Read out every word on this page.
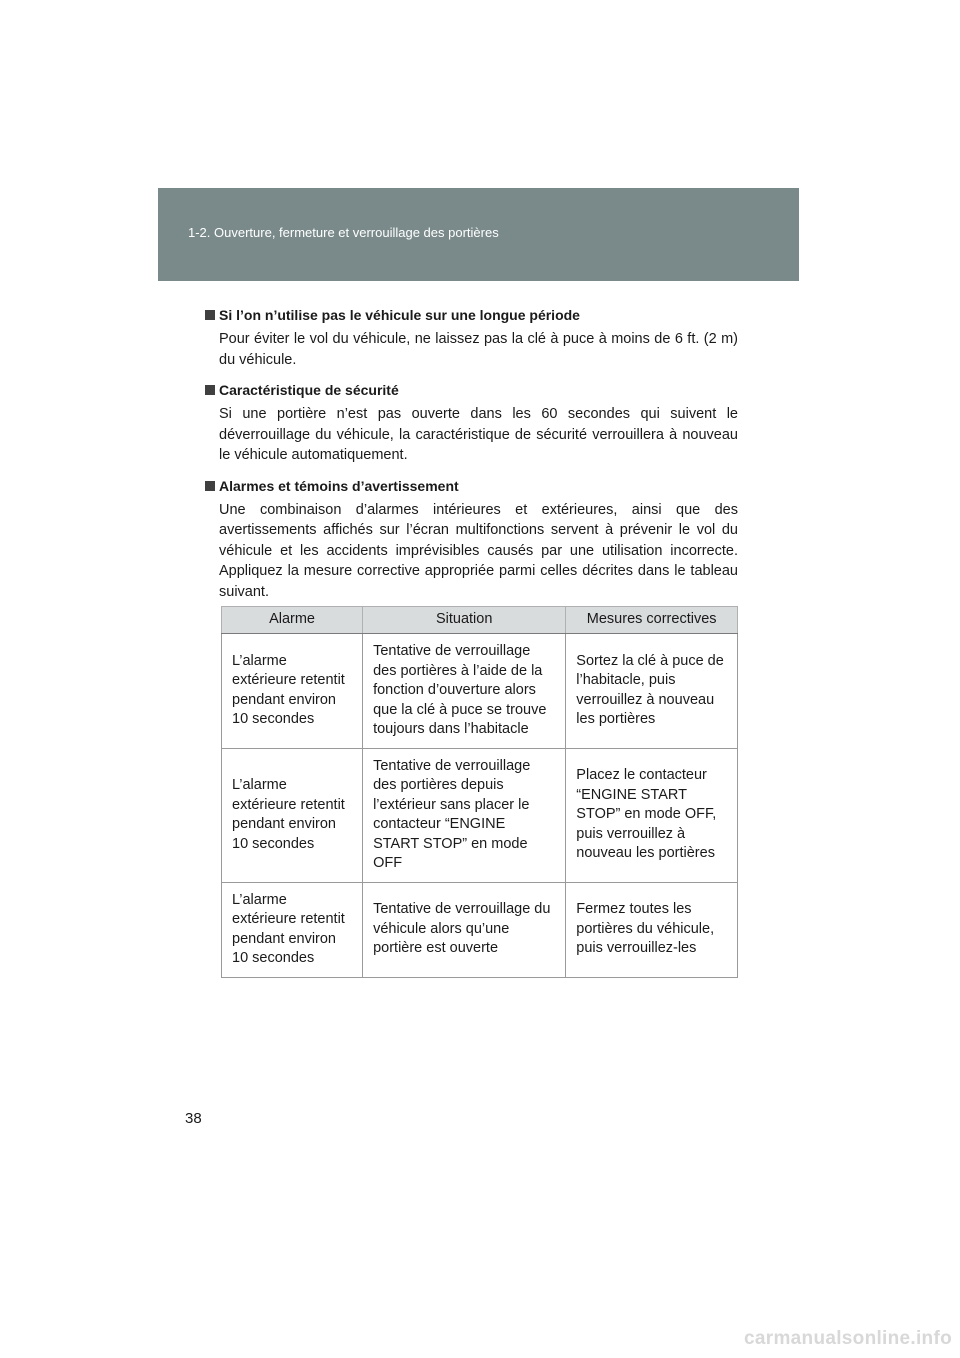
1-2. Ouverture, fermeture et verrouillage des portières
Si l’on n’utilise pas le véhicule sur une longue période

Pour éviter le vol du véhicule, ne laissez pas la clé à puce à moins de 6 ft. (2 m) du véhicule.

Caractéristique de sécurité

Si une portière n’est pas ouverte dans les 60 secondes qui suivent le déverrouillage du véhicule, la caractéristique de sécurité verrouillera à nouveau le véhicule automatiquement.

Alarmes et témoins d’avertissement

Une combinaison d’alarmes intérieures et extérieures, ainsi que des avertissements affichés sur l’écran multifonctions servent à prévenir le vol du véhicule et les accidents imprévisibles causés par une utilisation incorrecte. Appliquez la mesure corrective appropriée parmi celles décrites dans le tableau suivant.

Alarme	Situation	Mesures correctives
L’alarme extérieure retentit pendant environ 10 secondes	Tentative de verrouillage des portières à l’aide de la fonction d’ouverture alors que la clé à puce se trouve toujours dans l’habitacle	Sortez la clé à puce de l’habitacle, puis verrouillez à nouveau les portières
L’alarme extérieure retentit pendant environ 10 secondes	Tentative de verrouillage des portières depuis l’extérieur sans placer le contacteur “ENGINE START STOP” en mode OFF	Placez le contacteur “ENGINE START STOP” en mode OFF, puis verrouillez à nouveau les portières
L’alarme extérieure retentit pendant environ 10 secondes	Tentative de verrouillage du véhicule alors qu’une portière est ouverte	Fermez toutes les portières du véhicule, puis verrouillez-les
38
carmanualsonline.info
